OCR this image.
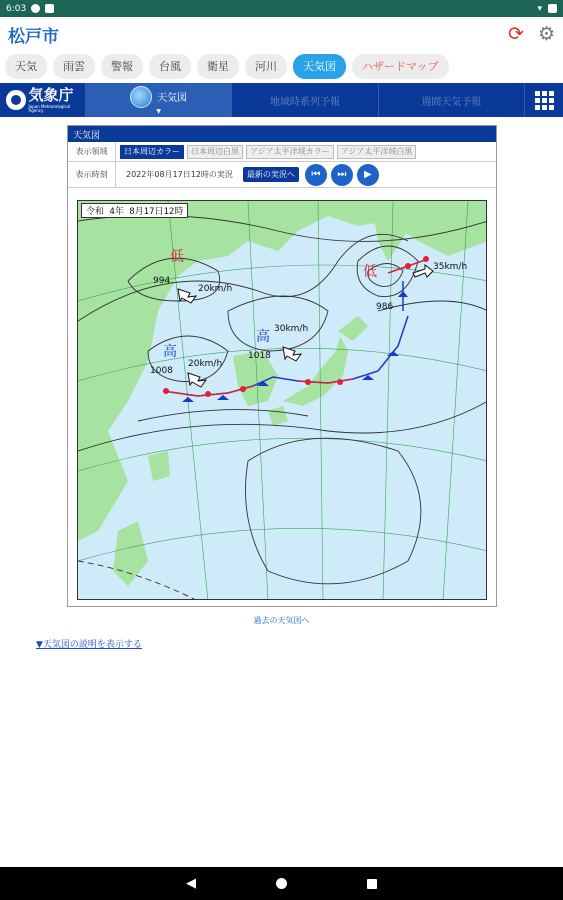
6:03	▾
松戸市	⟳ ⚙
天気	雨雲	警報	台風	衛星	河川	天気図	ハザードマップ
気象庁
Japan Meteorological Agency
天気図
▼
地域時系列予報	週間天気予報
天気図
表示領域	日本周辺カラー	日本周辺白黒	アジア太平洋域カラー	アジア太平洋域白黒
表示時刻	2022年08月17日12時の実況	最新の実況へ	⏮	⏭	▶
低
994
20km/h
低
986
35km/h
高
1008
20km/h
高
1018
30km/h
令和 4年 8月17日12時
過去の天気図へ
▼天気図の説明を表示する
◀
